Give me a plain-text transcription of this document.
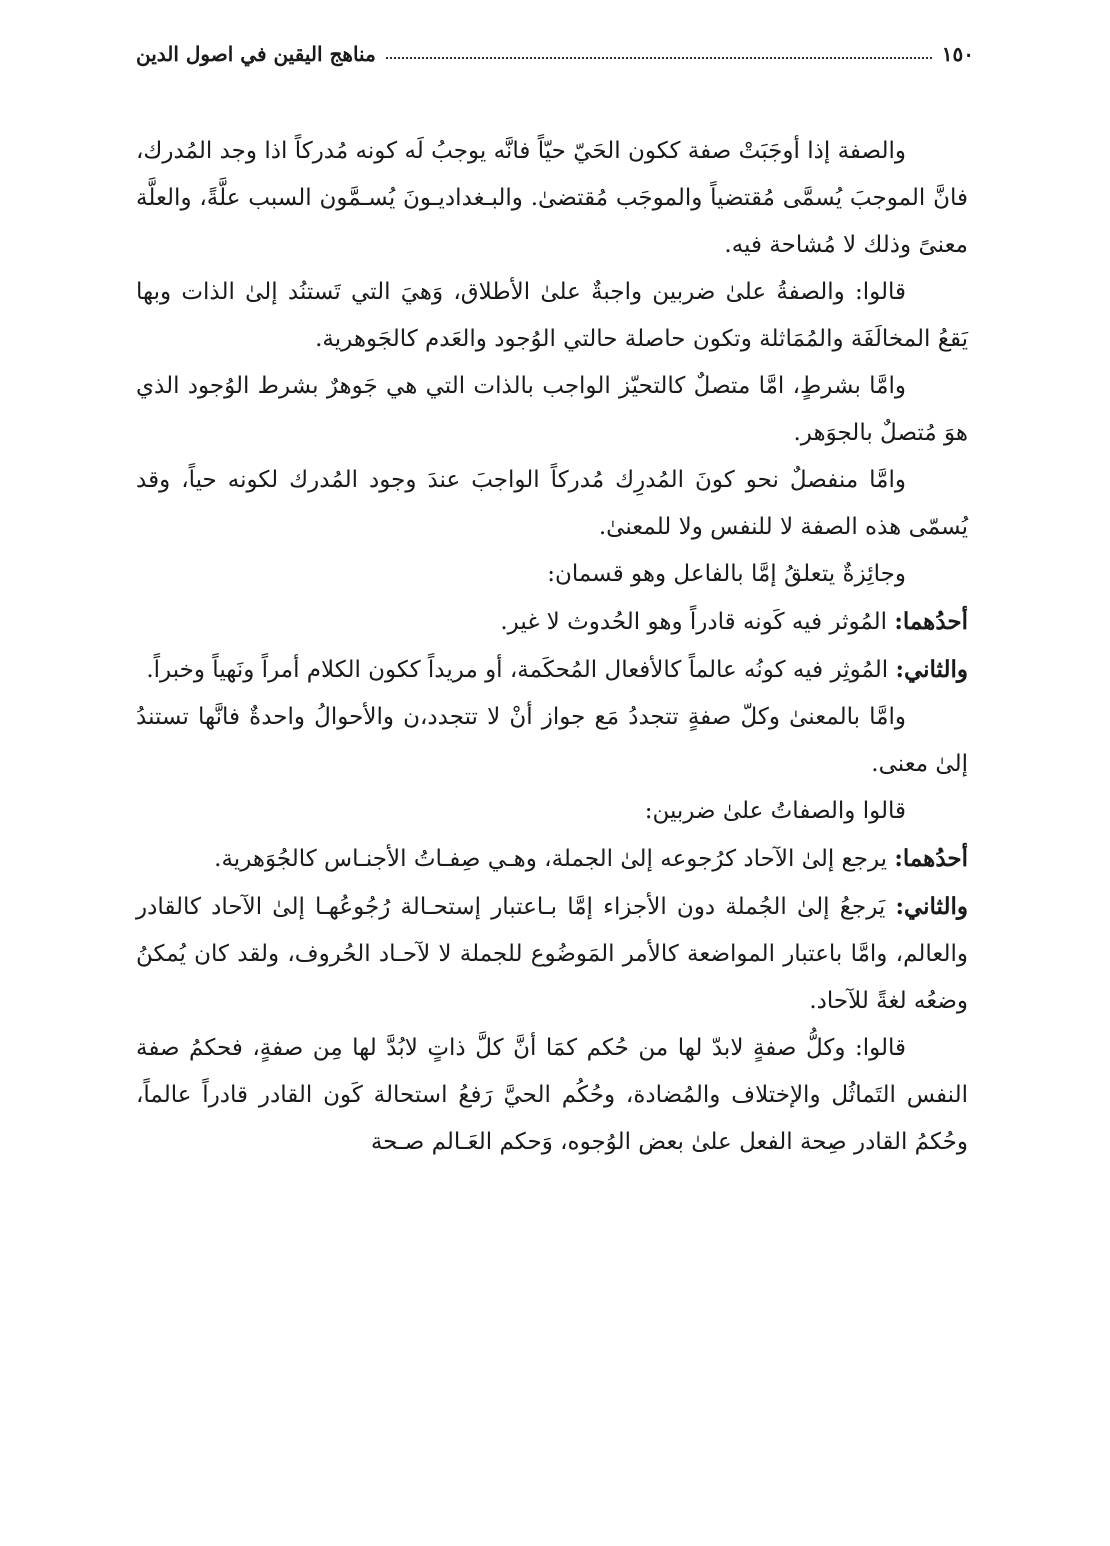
١٥٠
مناهج اليقين في اصول الدين

والصفة إذا أوجَبَتْ صفة ككون الحَيّ حيّاً فانَّه يوجبُ لَه كونه مُدركاً اذا وجد المُدرك، فانَّ الموجبَ يُسمَّى مُقتضياً والموجَب مُقتضىٰ. والبـغداديـونَ يُسـمَّون السبب علَّةً، والعلَّة معنىً وذلك لا مُشاحة فيه.

قالوا: والصفةُ علىٰ ضربين واجبةٌ علىٰ الأطلاق، وَهيَ التي تَستنُد إلىٰ الذات وبها يَقعُ المخالَفَة والمُمَاثلة وتكون حاصلة حالتي الوُجود والعَدم كالجَوهرية.

وامَّا بشرطٍ، امَّا متصلٌ كالتحيّز الواجب بالذات التي هي جَوهرٌ بشرط الوُجود الذي هوَ مُتصلٌ بالجوَهر.

وامَّا منفصلٌ نحو كونَ المُدرِك مُدركاً الواجبَ عندَ وجود المُدرك لكونه حياً، وقد يُسمّى هذه الصفة لا للنفس ولا للمعنىٰ.

وجائِزةٌ يتعلقُ إمَّا بالفاعل وهو قسمان:

أحدُهما: المُوثر فيه كَونه قادراً وهو الحُدوث لا غير.

والثاني: المُوثِر فيه كونُه عالماً كالأفعال المُحكَمة، أو مريداً ككون الكلام أمراً ونَهياً وخبراً.

وامَّا بالمعنىٰ وكلّ صفةٍ تتجددُ مَع جواز أنْ لا تتجدد،ن والأحوالُ واحدةٌ فانَّها تستندُ إلىٰ معنى.

قالوا والصفاتُ علىٰ ضربين:

أحدُهما: يرجع إلىٰ الآحاد كرُجوعه إلىٰ الجملة، وهـي صِفـاتُ الأجنـاس كالجُوَهرية.

والثاني: يَرجعُ إلىٰ الجُملة دون الأجزاء إمَّا بـاعتبار إستحـالة رُجُوعُهـا إلىٰ الآحاد كالقادر والعالم، وامَّا باعتبار المواضعة كالأمر المَوضُوع للجملة لا لآحـاد الحُروف، ولقد كان يُمكنُ وضعُه لغةً للآحاد.

قالوا: وكلُّ صفةٍ لابدّ لها من حُكم كمَا أنَّ كلَّ ذاتٍ لابُدَّ لها مِن صفةٍ، فحكمُ صفة النفس التَماثُل والإختلاف والمُضادة، وحُكُم الحيَّ رَفعُ استحالة كَون القادر قادراً عالماً، وحُكمُ القادر صِحة الفعل علىٰ بعض الوُجوه، وَحكم العَـالم صـحة
